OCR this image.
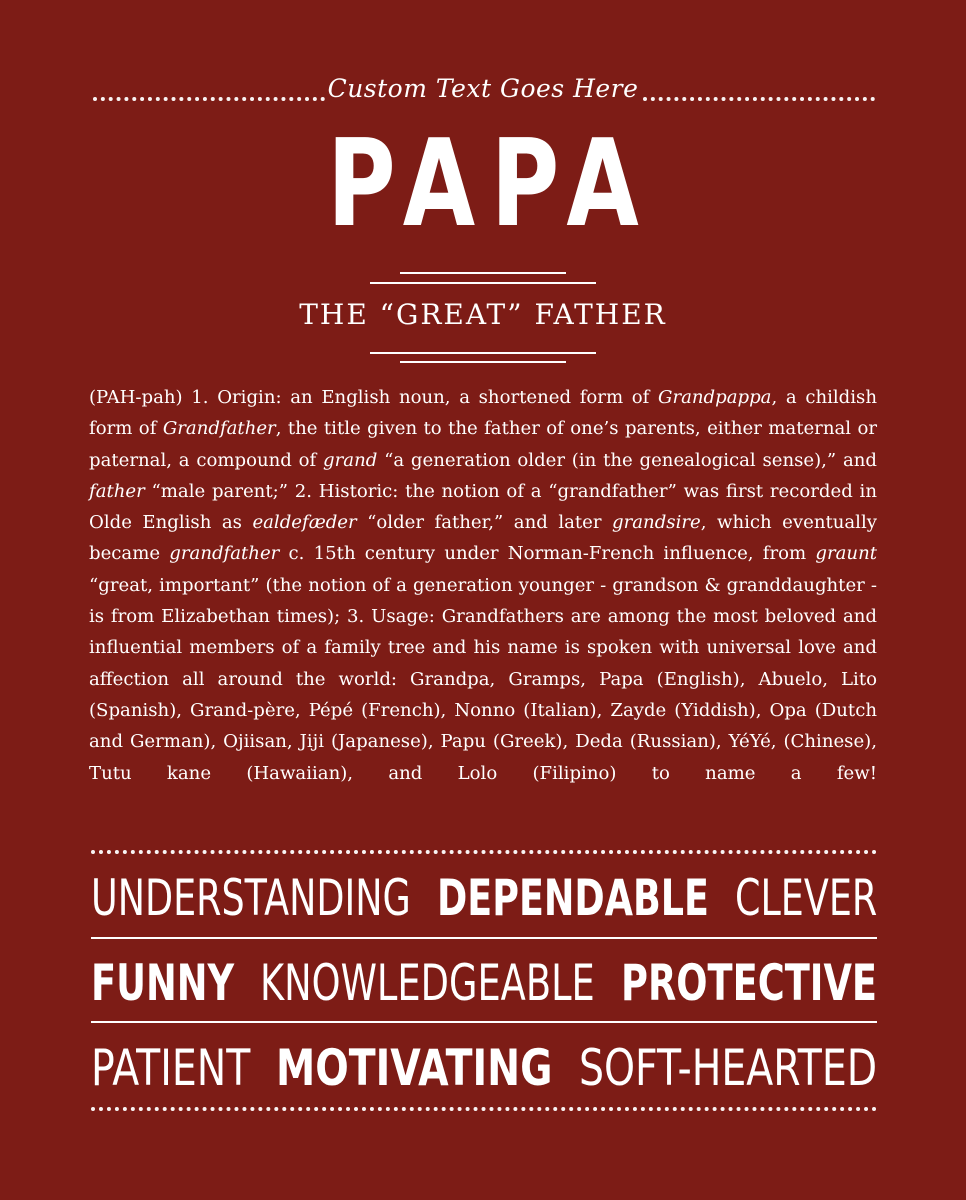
Custom Text Goes Here
PAPA
THE “GREAT” FATHER
(PAH-pah) 1. Origin: an English noun, a shortened form of Grandpappa, a childish form of Grandfather, the title given to the father of one’s parents, either maternal or paternal, a compound of grand “a generation older (in the genealogical sense),” and father “male parent;” 2. Historic: the notion of a “grandfather” was first recorded in Olde English as ealdefæder “older father,” and later grandsire, which eventually became grandfather c. 15th century under Norman-French influence, from graunt “great, important” (the notion of a generation younger - grandson & granddaughter - is from Elizabethan times); 3. Usage: Grandfathers are among the most beloved and influential members of a family tree and his name is spoken with universal love and affection all around the world: Grandpa, Gramps, Papa (English), Abuelo, Lito (Spanish), Grand-père, Pépé (French), Nonno (Italian), Zayde (Yiddish), Opa (Dutch and German), Ojiisan, Jiji (Japanese), Papu (Greek), Deda (Russian), YéYé, (Chinese), Tutu kane (Hawaiian), and Lolo (Filipino) to name a few!
UNDERSTANDING DEPENDABLE CLEVER
FUNNY KNOWLEDGEABLE PROTECTIVE
PATIENT MOTIVATING SOFT-HEARTED
